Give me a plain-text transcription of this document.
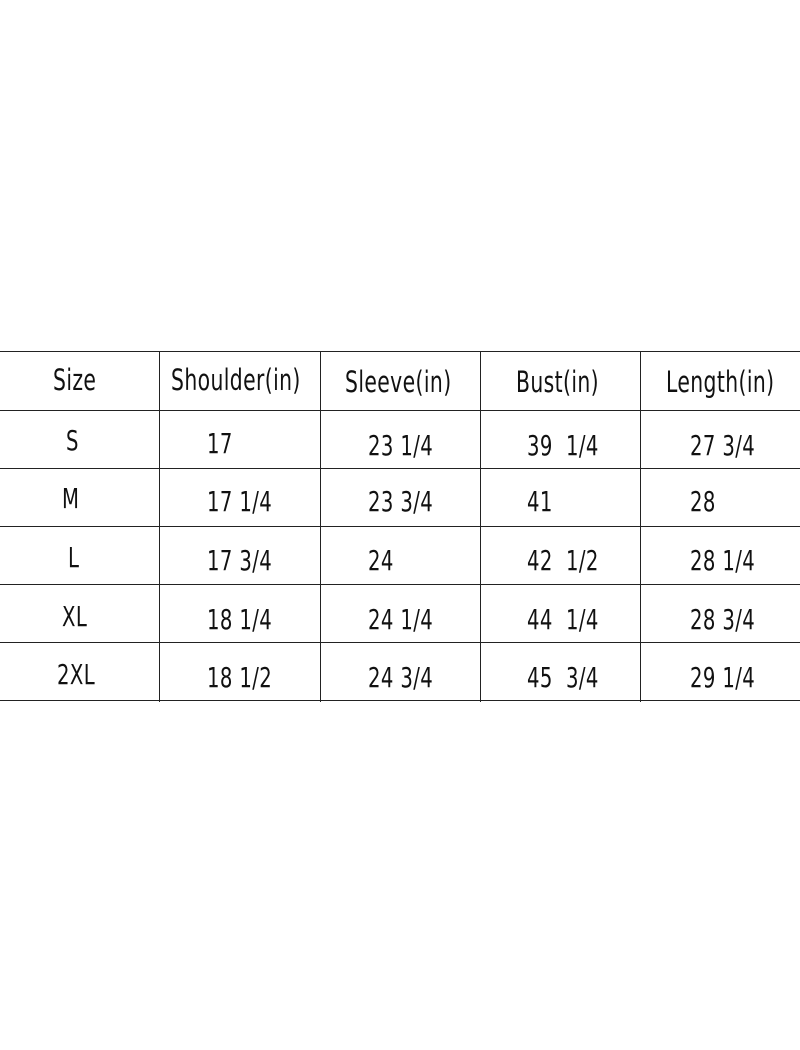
Size	Shoulder(in) Sleeve(in) Bust(in) Length(in)
S	17	23 1/4	39  1/4	27 3/4
M	17 1/4	23 3/4	41	28
L	17 3/4	24	42  1/2	28 1/4
XL	18 1/4	24 1/4	44  1/4	28 3/4
2XL	18 1/2	24 3/4	45  3/4	29 1/4
